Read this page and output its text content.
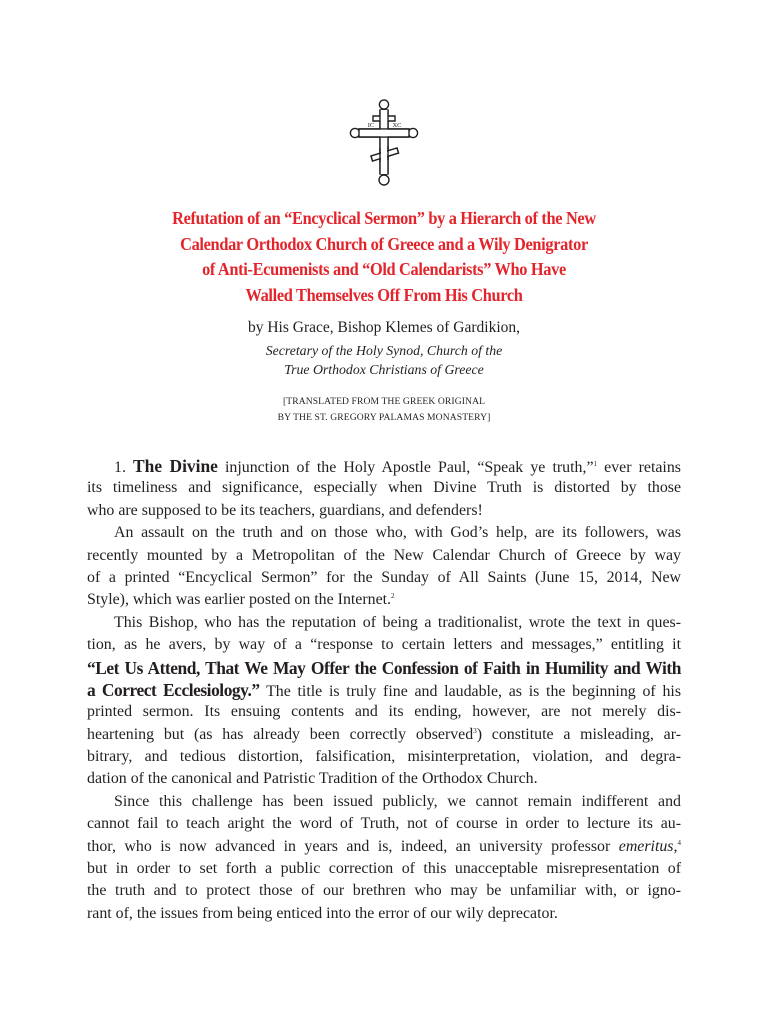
IC	XC
Refutation of an “Encyclical Sermon” by a Hierarch of the New
Calendar Orthodox Church of Greece and a Wily Denigrator
of Anti-Ecumenists and “Old Calendarists” Who Have
Walled Themselves Off From His Church
by His Grace, Bishop Klemes of Gardikion,
Secretary of the Holy Synod, Church of the
True Orthodox Christians of Greece
[TRANSLATED FROM THE GREEK ORIGINAL
BY THE ST. GREGORY PALAMAS MONASTERY]
1. The Divine injunction of the Holy Apostle Paul, “Speak ye truth,”$^1$ ever retains
its timeliness and significance, especially when Divine Truth is distorted by those
who are supposed to be its teachers, guardians, and defenders!
An assault on the truth and on those who, with God’s help, are its followers, was
recently mounted by a Metropolitan of the New Calendar Church of Greece by way
of a printed “Encyclical Sermon” for the Sunday of All Saints (June 15, 2014, New
Style), which was earlier posted on the Internet.$^2$
This Bishop, who has the reputation of being a traditionalist, wrote the text in ques-
tion, as he avers, by way of a “response to certain letters and messages,” entitling it
“Let Us Attend, That We May Offer the Confession of Faith in Humility and With
a Correct Ecclesiology.” The title is truly fine and laudable, as is the beginning of his
printed sermon. Its ensuing contents and its ending, however, are not merely dis-
heartening but (as has already been correctly observed$^3$) constitute a misleading, ar-
bitrary, and tedious distortion, falsification, misinterpretation, violation, and degra-
dation of the canonical and Patristic Tradition of the Orthodox Church.
Since this challenge has been issued publicly, we cannot remain indifferent and
cannot fail to teach aright the word of Truth, not of course in order to lecture its au-
thor, who is now advanced in years and is, indeed, an university professor emeritus,$^4$
but in order to set forth a public correction of this unacceptable misrepresentation of
the truth and to protect those of our brethren who may be unfamiliar with, or igno-
rant of, the issues from being enticed into the error of our wily deprecator.
